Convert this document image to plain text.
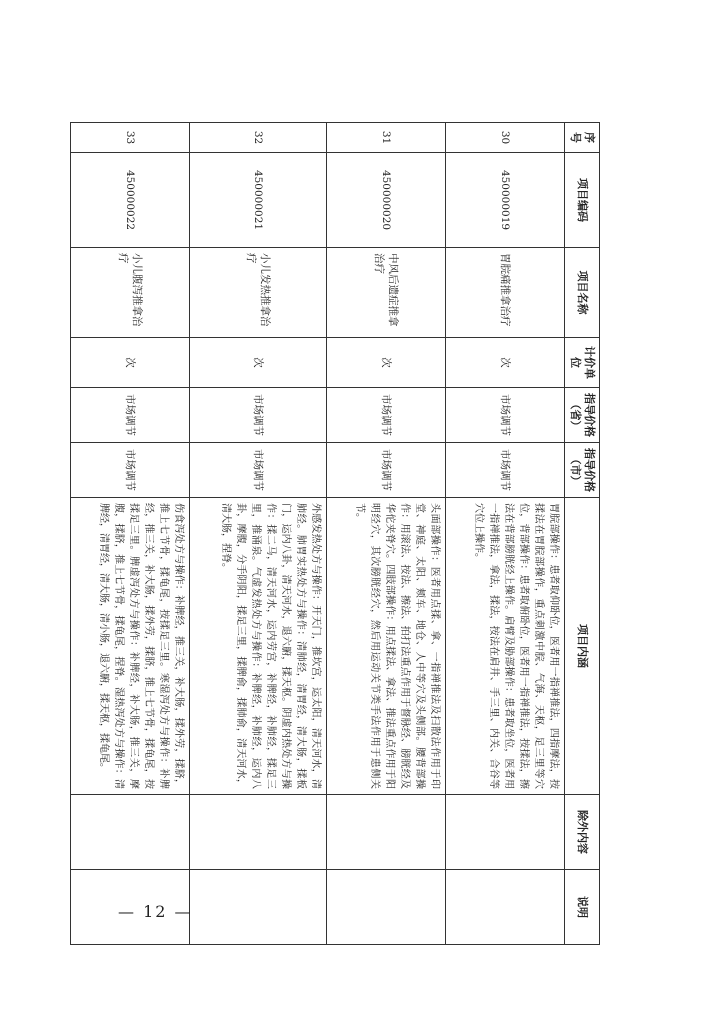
序号	项目编码	项目名称	计价单位	指导价格（省）	指导价格（市）	项目内涵	除外内容	说明
30	450000019	胃脘痛推拿治疗	次	市场调节	市场调节	胃脘部操作：患者取仰卧位，医者用一指禅推法，四指摩法，按揉法在胃脘部操作，重点刺激中脘、气海、天枢，足三里等穴位，背部操作：患者取俯卧位，医者用一指禅推法，按揉法，擦法在背部膀胱经上操作。肩臂及胁部操作：患者取坐位，医者用一指禅推法，拿法，揉法，按法在肩井、手三里、内关、合谷等穴位上操作。		
31	450000020	中风后遗症推拿治疗	次	市场调节	市场调节	头面部操作：医者用点揉、拿、一指禅推法及扫散法作用于印堂、神庭、太阳、颊车、地仓、人中等穴及头侧部。腰背部操作：用滚法、按法、擦法、拍打法重点作用于督脉经、膀胱经及华佗夹脊穴。四肢部操作：用点揉法、拿法、推法重点作用于阳明经穴，其次膀胱经穴，然后用运动关节类手法作用于患侧关节。		
32	450000021	小儿发热推拿治疗	次	市场调节	市场调节	外感发热处方与操作：开天门，推坎宫，运太阳，清天河水，清肺经。肺胃实热处方与操作：清肺经，清胃经，清大肠，揉板门，运内八卦，清天河水，退六腑，揉天枢。阴虚内热处方与操作：揉二马，清天河水，运内劳宫，补脾经，补肺经，揉足三里，推涌泉。气虚发热处方与操作：补脾经，补肺经，运内八卦，摩腹，分手阴阳，揉足三里，揉脾俞，揉肺俞，清天河水，清大肠，捏脊。		
33	450000022	小儿腹泻推拿治疗	次	市场调节	市场调节	伤食泻处方与操作：补脾经，推三关，补大肠，揉外劳，揉脐，推上七节骨，揉龟尾，按揉足三里。寒湿泻处方与操作：补脾经，推三关，补大肠，揉外劳，揉脐，推上七节骨，揉龟尾，按揉足三里。脾虚泻处方与操作：补脾经，补大肠，推三关，摩腹，揉脐，推上七节骨，揉龟尾，捏脊。湿热泻处方与操作：清脾经，清胃经，清大肠，清小肠，退六腑，揉天枢，揉龟尾。		
— 12 —
